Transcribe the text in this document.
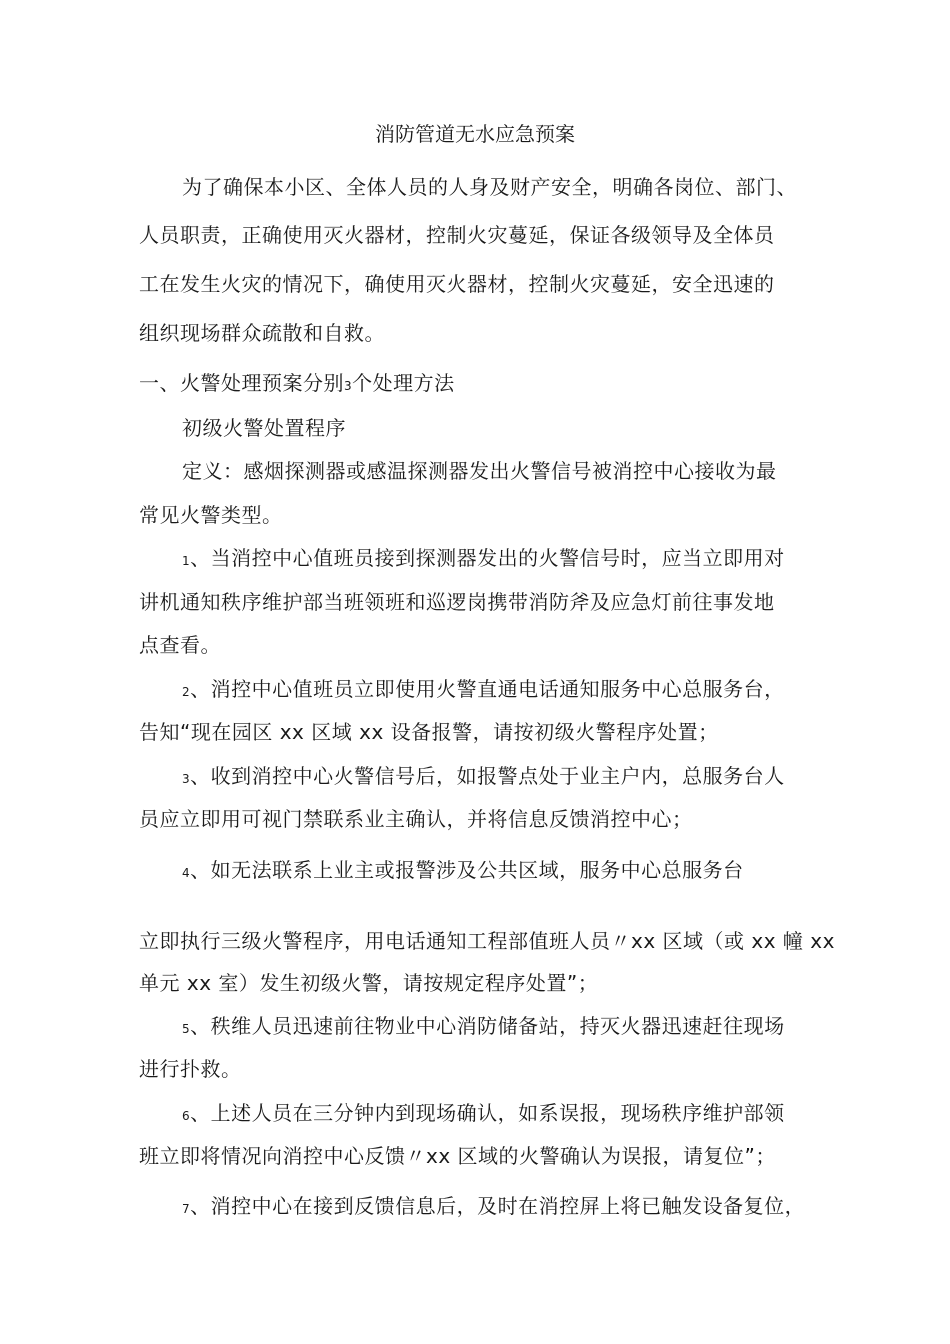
消防管道无水应急预案
为了确保本小区、全体人员的人身及财产安全，明确各岗位、部门、
人员职责，正确使用灭火器材，控制火灾蔓延，保证各级领导及全体员
工在发生火灾的情况下，确使用灭火器材，控制火灾蔓延，安全迅速的
组织现场群众疏散和自救。
一、火警处理预案分别3个处理方法
初级火警处置程序
定义：感烟探测器或感温探测器发出火警信号被消控中心接收为最
常见火警类型。
1、当消控中心值班员接到探测器发出的火警信号时，应当立即用对
讲机通知秩序维护部当班领班和巡逻岗携带消防斧及应急灯前往事发地
点查看。
2、消控中心值班员立即使用火警直通电话通知服务中心总服务台，
告知“现在园区 xx 区域 xx 设备报警，请按初级火警程序处置；
3、收到消控中心火警信号后，如报警点处于业主户内，总服务台人
员应立即用可视门禁联系业主确认，并将信息反馈消控中心；
4、如无法联系上业主或报警涉及公共区域，服务中心总服务台
立即执行三级火警程序，用电话通知工程部值班人员〃xx 区域（或 xx 幢 xx
单元 xx 室）发生初级火警，请按规定程序处置”；
5、秩维人员迅速前往物业中心消防储备站，持灭火器迅速赶往现场
进行扑救。
6、上述人员在三分钟内到现场确认，如系误报，现场秩序维护部领
班立即将情况向消控中心反馈〃xx 区域的火警确认为误报，请复位”；
7、消控中心在接到反馈信息后，及时在消控屏上将已触发设备复位，
